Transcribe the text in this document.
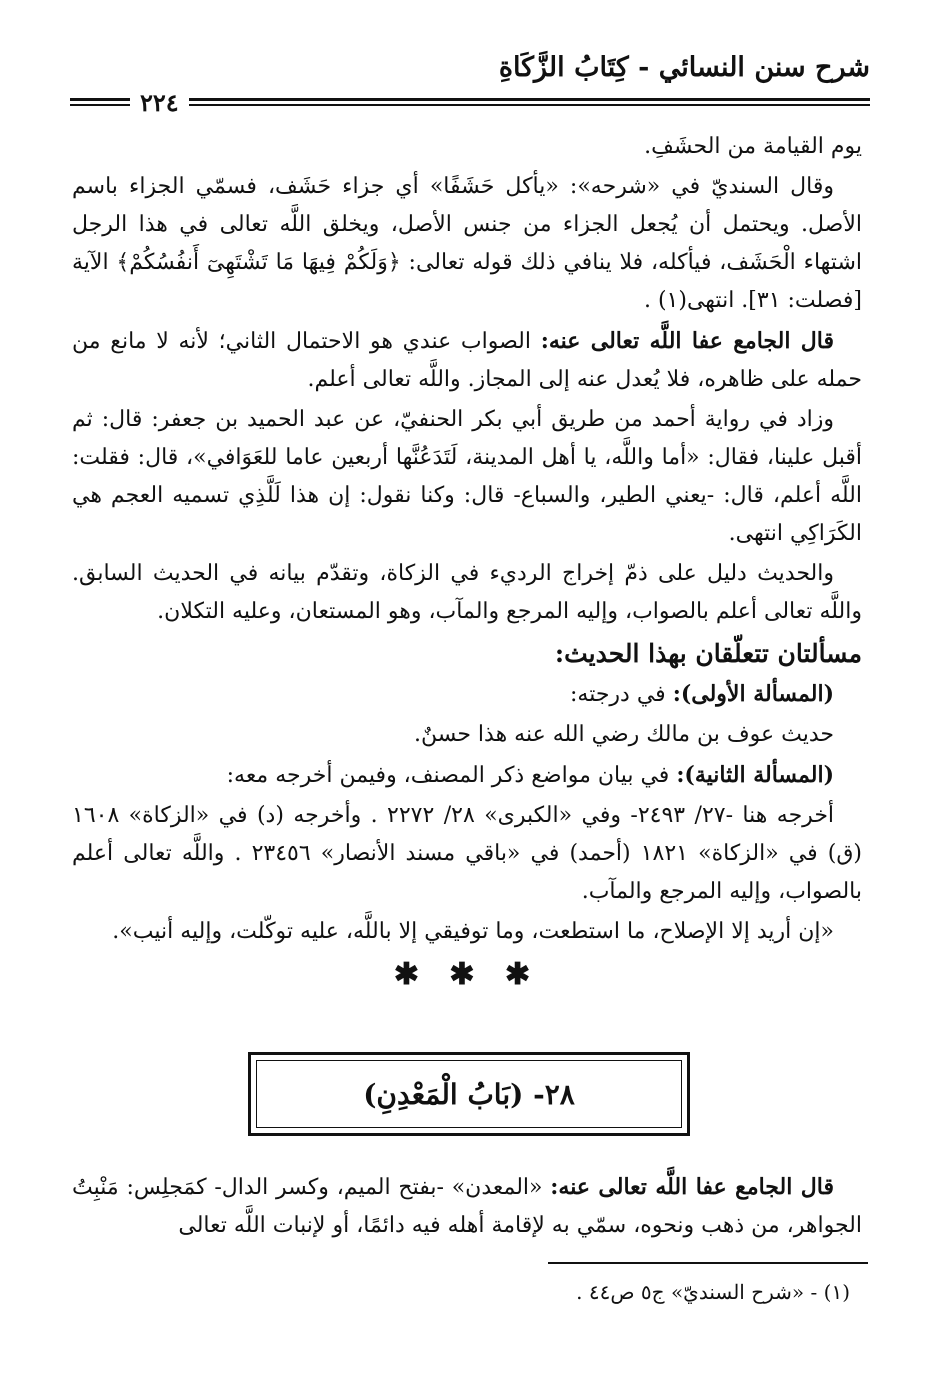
شرح سنن النسائي - كِتَابُ الزَّكَاةِ
٢٢٤

يوم القيامة من الحشَفِ.

وقال السنديّ في «شرحه»: «يأكل حَشَفًا» أي جزاء حَشَف، فسمّي الجزاء باسم الأصل. ويحتمل أن يُجعل الجزاء من جنس الأصل، ويخلق اللَّه تعالى في هذا الرجل اشتهاء الْحَشَف، فيأكله، فلا ينافي ذلك قوله تعالى: ﴿وَلَكُمْ فِيهَا مَا تَشْتَهِىٓ أَنفُسُكُمْ﴾ الآية [فصلت: ٣١]. انتهى(١) .

قال الجامع عفا اللَّه تعالى عنه: الصواب عندي هو الاحتمال الثاني؛ لأنه لا مانع من حمله على ظاهره، فلا يُعدل عنه إلى المجاز. واللَّه تعالى أعلم.

وزاد في رواية أحمد من طريق أبي بكر الحنفيّ، عن عبد الحميد بن جعفر: قال: ثم أقبل علينا، فقال: «أما واللَّه، يا أهل المدينة، لَتَدَعُنَّها أربعين عاما للعَوَافي»، قال: فقلت: اللَّه أعلم، قال: -يعني الطير، والسباع- قال: وكنا نقول: إن هذا لَلَّذِي تسميه العجم هي الكَرَاكِي انتهى.

والحديث دليل على ذمّ إخراج الرديء في الزكاة، وتقدّم بيانه في الحديث السابق. واللَّه تعالى أعلم بالصواب، وإليه المرجع والمآب، وهو المستعان، وعليه التكلان.

مسألتان تتعلّقان بهذا الحديث:

(المسألة الأولى): في درجته:

حديث عوف بن مالك رضي الله عنه هذا حسنٌ.

(المسألة الثانية): في بيان مواضع ذكر المصنف، وفيمن أخرجه معه:

أخرجه هنا -٢٧/ ٢٤٩٣- وفي «الكبرى» ٢٨/ ٢٢٧٢ . وأخرجه (د) في «الزكاة» ١٦٠٨ (ق) في «الزكاة» ١٨٢١ (أحمد) في «باقي مسند الأنصار» ٢٣٤٥٦ . واللَّه تعالى أعلم بالصواب، وإليه المرجع والمآب.

«إن أريد إلا الإصلاح، ما استطعت، وما توفيقي إلا باللَّه، عليه توكّلت، وإليه أنيب».

✱ ✱ ✱
٢٨- (بَابُ الْمَعْدِنِ)

قال الجامع عفا اللَّه تعالى عنه: «المعدن» -بفتح الميم، وكسر الدال- كمَجلِس: مَنْبِتُ الجواهر، من ذهب ونحوه، سمّي به لإقامة أهله فيه دائمًا، أو لإنبات اللَّه تعالى

(١) - «شرح السنديّ» ج٥ ص٤٤ .
